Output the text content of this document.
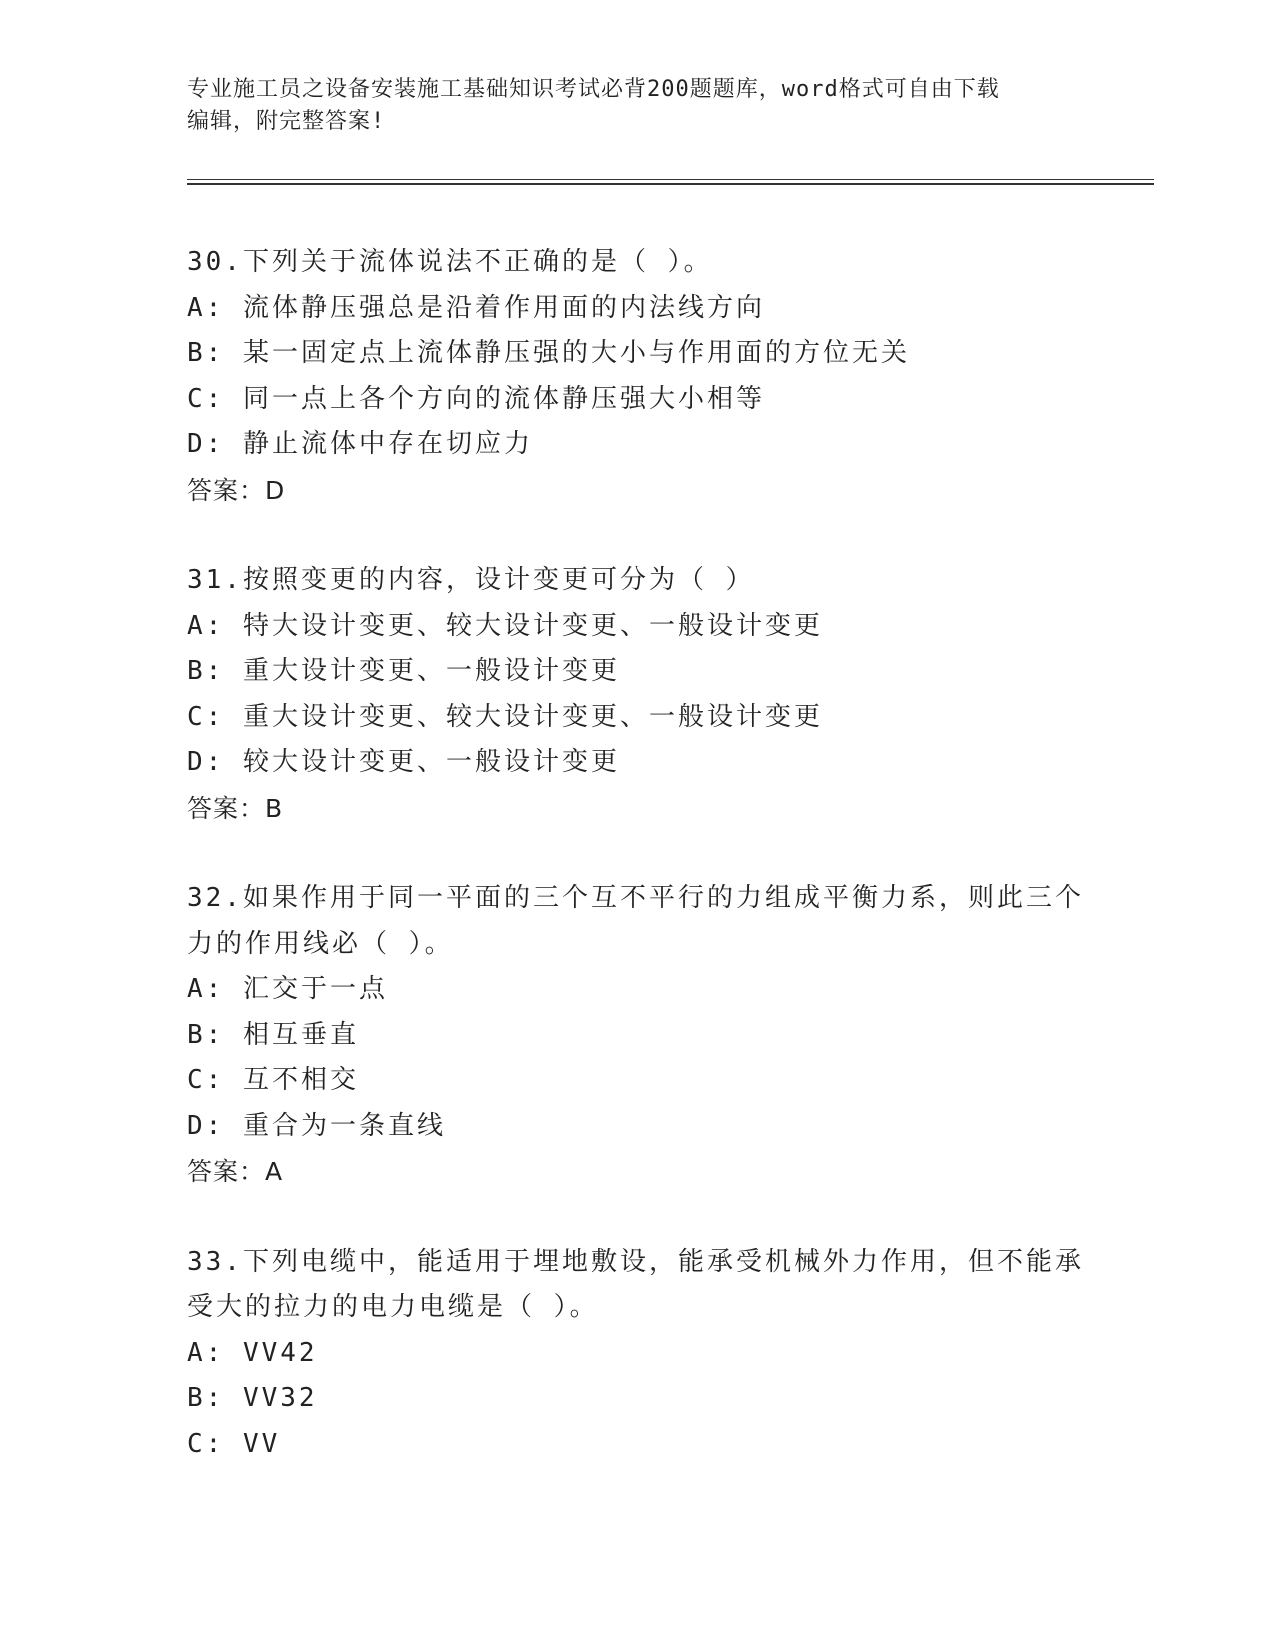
专业施工员之设备安装施工基础知识考试必背200题题库，word格式可自由下载
编辑，附完整答案!
30.下列关于流体说法不正确的是（ ）。
A: 流体静压强总是沿着作用面的内法线方向
B: 某一固定点上流体静压强的大小与作用面的方位无关
C: 同一点上各个方向的流体静压强大小相等
D: 静止流体中存在切应力
答案：D
31.按照变更的内容，设计变更可分为（ ）
A: 特大设计变更、较大设计变更、一般设计变更
B: 重大设计变更、一般设计变更
C: 重大设计变更、较大设计变更、一般设计变更
D: 较大设计变更、一般设计变更
答案：B
32.如果作用于同一平面的三个互不平行的力组成平衡力系，则此三个
力的作用线必（ ）。
A: 汇交于一点
B: 相互垂直
C: 互不相交
D: 重合为一条直线
答案：A
33.下列电缆中，能适用于埋地敷设，能承受机械外力作用，但不能承
受大的拉力的电力电缆是（ ）。
A: VV42
B: VV32
C: VV
